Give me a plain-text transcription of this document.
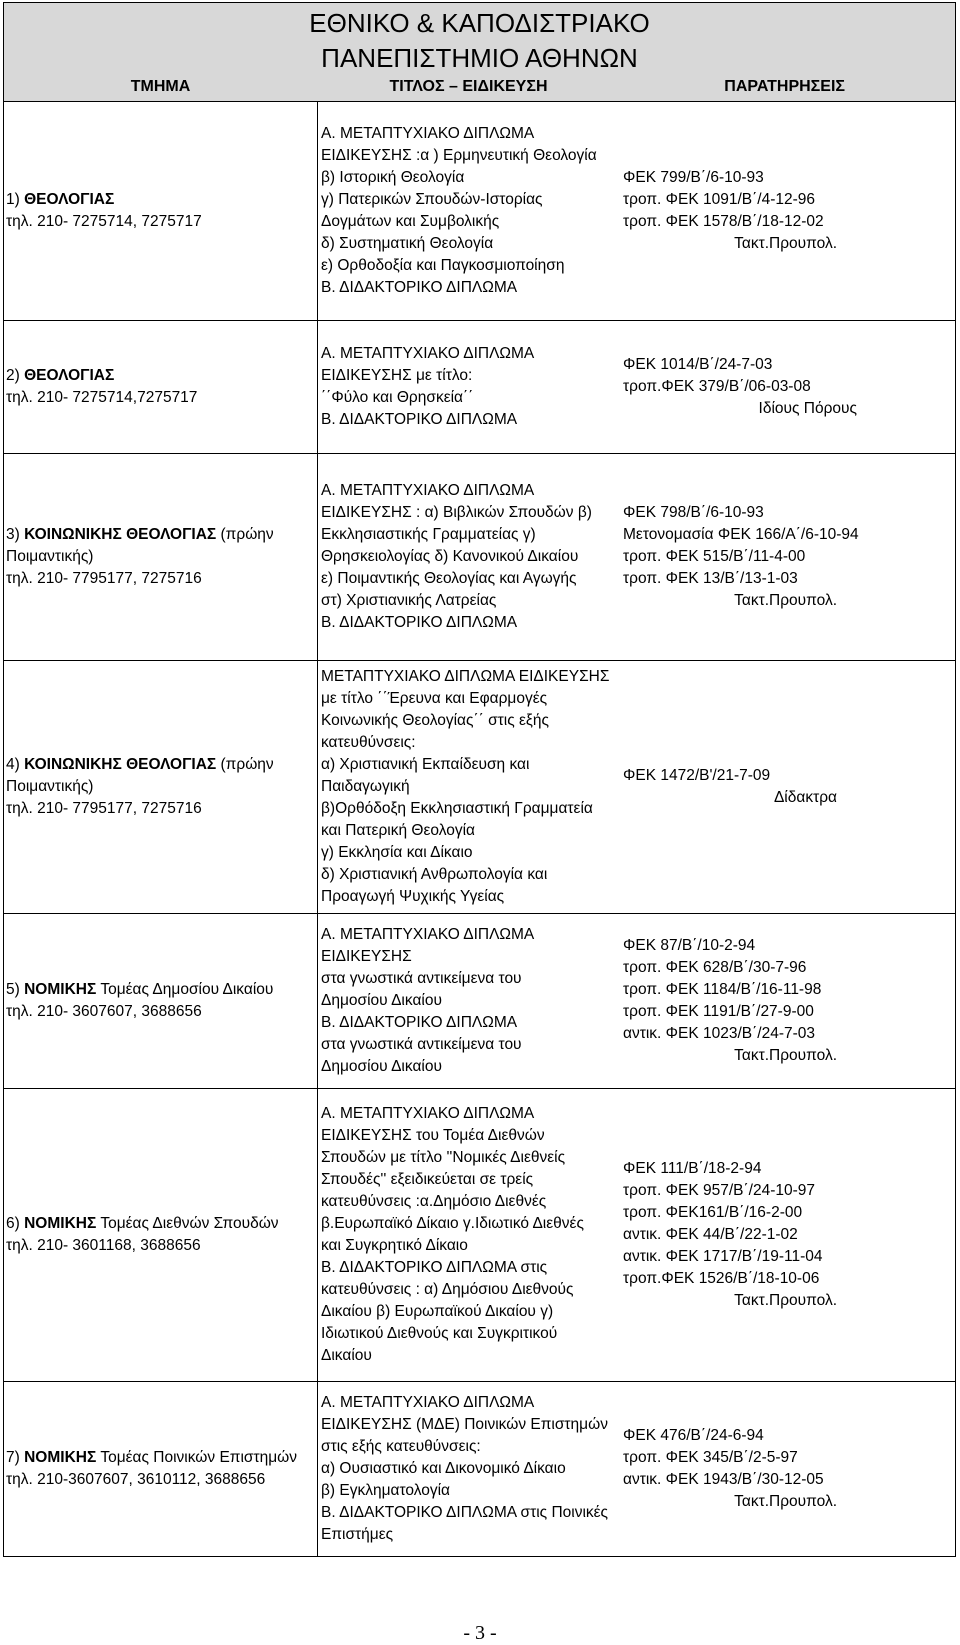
ΕΘΝΙΚΟ & ΚΑΠΟΔΙΣΤΡΙΑΚΟ
ΠΑΝΕΠΙΣΤΗΜΙΟ ΑΘΗΝΩΝ
ΤΜΗΜΑ	ΤΙΤΛΟΣ – ΕΙΔΙΚΕΥΣΗ	ΠΑΡΑΤΗΡΗΣΕΙΣ
1) ΘΕΟΛΟΓΙΑΣ
τηλ. 210- 7275714, 7275717
Α. ΜΕΤΑΠΤΥΧΙΑΚΟ ΔΙΠΛΩΜΑ
ΕΙΔΙΚΕΥΣΗΣ :α ) Ερμηνευτική Θεολογία
β) Ιστορική Θεολογία
γ) Πατερικών Σπουδών-Ιστορίας
Δογμάτων και Συμβολικής
δ) Συστηματική Θεολογία
ε) Ορθοδοξία και Παγκοσμιοποίηση
Β. ΔΙΔΑΚΤΟΡΙΚΟ ΔΙΠΛΩΜΑ
ΦΕΚ 799/Β΄/6-10-93
τροπ. ΦΕΚ 1091/Β΄/4-12-96
τροπ. ΦΕΚ 1578/Β΄/18-12-02
Τακτ.Προυπολ.
2) ΘΕΟΛΟΓΙΑΣ
τηλ. 210- 7275714,7275717
Α. ΜΕΤΑΠΤΥΧΙΑΚΟ ΔΙΠΛΩΜΑ
ΕΙΔΙΚΕΥΣΗΣ με τίτλο:
΄΄Φύλο και Θρησκεία΄΄
Β. ΔΙΔΑΚΤΟΡΙΚΟ ΔΙΠΛΩΜΑ
ΦΕΚ 1014/Β΄/24-7-03
τροπ.ΦΕΚ 379/Β΄/06-03-08
Ιδίους Πόρους
3) ΚΟΙΝΩΝΙΚΗΣ ΘΕΟΛΟΓΙΑΣ (πρώην
Ποιμαντικής)
τηλ. 210- 7795177, 7275716
Α. ΜΕΤΑΠΤΥΧΙΑΚΟ ΔΙΠΛΩΜΑ
ΕΙΔΙΚΕΥΣΗΣ : α) Βιβλικών Σπουδών β)
Εκκλησιαστικής Γραμματείας γ)
Θρησκειολογίας δ) Κανονικού Δικαίου
ε) Ποιμαντικής Θεολογίας και Αγωγής
στ) Χριστιανικής Λατρείας
Β. ΔΙΔΑΚΤΟΡΙΚΟ ΔΙΠΛΩΜΑ
ΦΕΚ 798/Β΄/6-10-93
Μετονομασία ΦΕΚ 166/Α΄/6-10-94
τροπ. ΦΕΚ 515/Β΄/11-4-00
τροπ. ΦΕΚ 13/Β΄/13-1-03
Τακτ.Προυπολ.
4) ΚΟΙΝΩΝΙΚΗΣ ΘΕΟΛΟΓΙΑΣ (πρώην
Ποιμαντικής)
τηλ. 210- 7795177, 7275716
ΜΕΤΑΠΤΥΧΙΑΚΟ ΔΙΠΛΩΜΑ ΕΙΔΙΚΕΥΣΗΣ
με τίτλο ΄΄Έρευνα και Εφαρμογές
Κοινωνικής Θεολογίας΄΄ στις εξής
κατευθύνσεις:
α) Χριστιανική Εκπαίδευση και
Παιδαγωγική
β)Ορθόδοξη Εκκλησιαστική Γραμματεία
και Πατερική Θεολογία
γ) Εκκλησία και Δίκαιο
δ) Χριστιανική Ανθρωπολογία και
Προαγωγή Ψυχικής Υγείας
ΦΕΚ 1472/Β'/21-7-09
Δίδακτρα
5) ΝΟΜΙΚΗΣ Τομέας Δημοσίου Δικαίου
τηλ. 210- 3607607, 3688656
Α. ΜΕΤΑΠΤΥΧΙΑΚΟ ΔΙΠΛΩΜΑ
ΕΙΔΙΚΕΥΣΗΣ
στα γνωστικά αντικείμενα του
Δημοσίου Δικαίου
Β. ΔΙΔΑΚΤΟΡΙΚΟ ΔΙΠΛΩΜΑ
στα γνωστικά αντικείμενα του
Δημοσίου Δικαίου
ΦΕΚ 87/Β΄/10-2-94
τροπ. ΦΕΚ 628/Β΄/30-7-96
τροπ. ΦΕΚ 1184/Β΄/16-11-98
τροπ. ΦΕΚ 1191/Β΄/27-9-00
αντικ. ΦΕΚ 1023/Β΄/24-7-03
Τακτ.Προυπολ.
6) ΝΟΜΙΚΗΣ Τομέας Διεθνών Σπουδών
τηλ. 210- 3601168, 3688656
Α. ΜΕΤΑΠΤΥΧΙΑΚΟ ΔΙΠΛΩΜΑ
ΕΙΔΙΚΕΥΣΗΣ του Τομέα Διεθνών
Σπουδών με τίτλο ''Νομικές Διεθνείς
Σπουδές'' εξειδικεύεται σε τρείς
κατευθύνσεις :α.Δημόσιο Διεθνές
β.Ευρωπαϊκό Δίκαιο γ.Ιδιωτικό Διεθνές
και Συγκρητικό Δίκαιο
Β. ΔΙΔΑΚΤΟΡΙΚΟ ΔΙΠΛΩΜΑ στις
κατευθύνσεις : α) Δημόσιου Διεθνούς
Δικαίου β) Ευρωπαϊκού Δικαίου γ)
Ιδιωτικού Διεθνούς και Συγκριτικού
Δικαίου
ΦΕΚ 111/Β΄/18-2-94
τροπ. ΦΕΚ 957/Β΄/24-10-97
τροπ. ΦΕΚ161/Β΄/16-2-00
αντικ. ΦΕΚ 44/Β΄/22-1-02
αντικ. ΦΕΚ 1717/Β΄/19-11-04
τροπ.ΦΕΚ 1526/Β΄/18-10-06
Τακτ.Προυπολ.
7) ΝΟΜΙΚΗΣ Τομέας Ποινικών Επιστημών
τηλ. 210-3607607, 3610112, 3688656
Α. ΜΕΤΑΠΤΥΧΙΑΚΟ ΔΙΠΛΩΜΑ
ΕΙΔΙΚΕΥΣΗΣ (ΜΔΕ) Ποινικών Επιστημών
στις εξής κατευθύνσεις:
α) Ουσιαστικό και Δικονομικό Δίκαιο
β) Εγκληματολογία
Β. ΔΙΔΑΚΤΟΡΙΚΟ ΔΙΠΛΩΜΑ στις Ποινικές
Επιστήμες
ΦΕΚ 476/Β΄/24-6-94
τροπ. ΦΕΚ 345/Β΄/2-5-97
αντικ. ΦΕΚ 1943/Β΄/30-12-05
Τακτ.Προυπολ.
- 3 -
